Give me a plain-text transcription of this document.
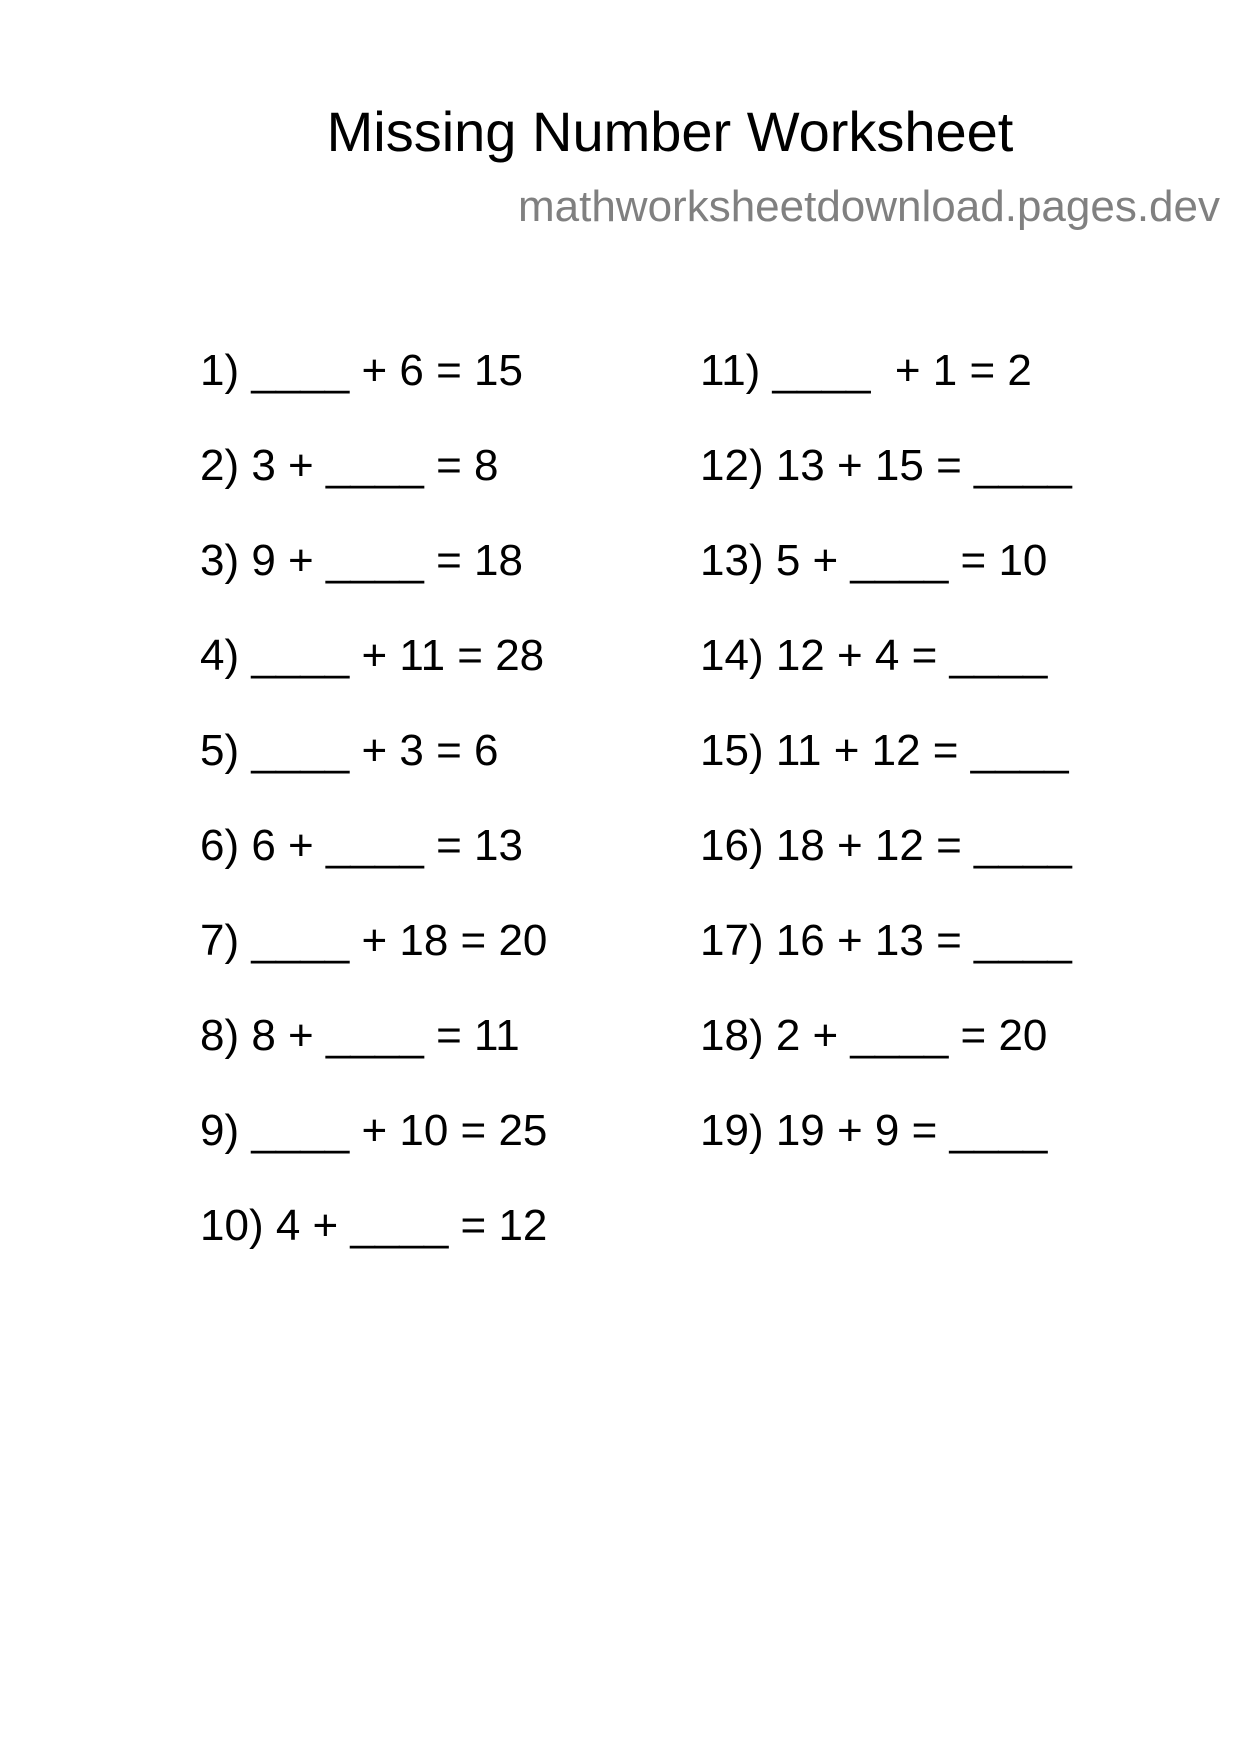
Missing Number Worksheet
mathworksheetdownload.pages.dev
1) ____ + 6 = 15
2) 3 + ____ = 8
3) 9 + ____ = 18
4) ____ + 11 = 28
5) ____ + 3 = 6
6) 6 + ____ = 13
7) ____ + 18 = 20
8) 8 + ____ = 11
9) ____ + 10 = 25
10) 4 + ____ = 12
11) ____  + 1 = 2
12) 13 + 15 = ____
13) 5 + ____ = 10
14) 12 + 4 = ____
15) 11 + 12 = ____
16) 18 + 12 = ____
17) 16 + 13 = ____
18) 2 + ____ = 20
19) 19 + 9 = ____
